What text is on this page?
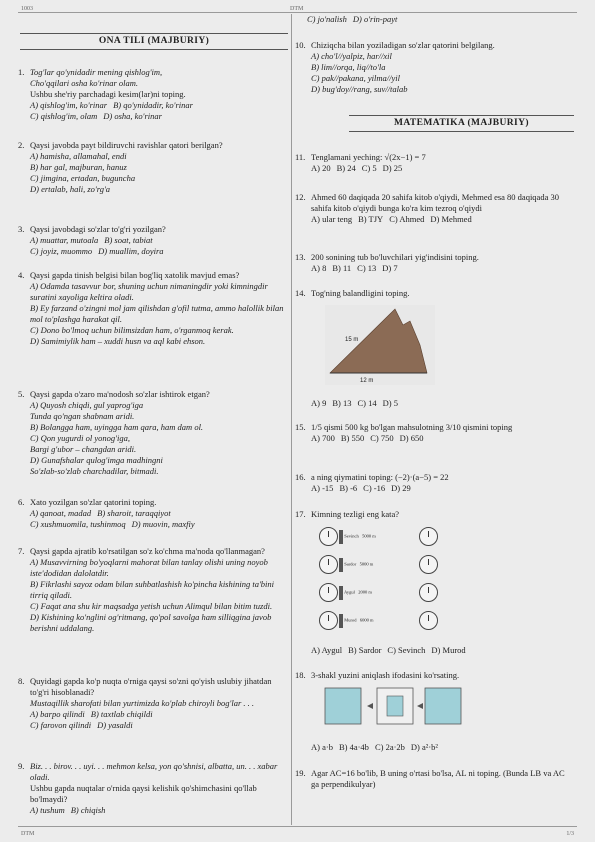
1003	DTM
ONA TILI (MAJBURIY)
1. Tog'lar qo'ynidadir mening qishlog'im,
Cho'qqilari osha ko'rinar olam.
Ushbu she'riy parchadagi kesim(lar)ni toping.
A) qishlog'im, ko'rinar B) qo'ynidadir, ko'rinar
C) qishlog'im, olam D) osha, ko'rinar
2. Qaysi javobda payt bildiruvchi ravishlar qatori berilgan?
A) hamisha, allamahal, endi
B) har gal, majburan, hanuz
C) jimgina, ertadan, buguncha
D) ertalab, hali, zo'rg'a
3. Qaysi javobdagi so'zlar to'g'ri yozilgan?
A) muattar, mutoala B) soat, tabiat
C) joyiz, muommo D) muallim, doyira
4. Qaysi gapda tinish belgisi bilan bog'liq xatolik mavjud emas?
A) Odamda tasavvur bor, shuning uchun nimaningdir yoki kimningdir suratini xayoliga keltira oladi.
B) Ey farzand o'zingni mol jam qilishdan g'ofil tutma, ammo halollik bilan mol to'plashga harakat qil.
C) Dono bo'lmoq uchun bilimsizdan ham, o'rganmoq kerak.
D) Samimiylik ham – xuddi husn va aql kabi ehson.
5. Qaysi gapda o'zaro ma'nodosh so'zlar ishtirok etgan?
A) Quyosh chiqdi, gul yaprog'iga
Tunda qo'ngan shabnam aridi.
B) Bolangga ham, uyingga ham qara, ham dam ol.
C) Qon yugurdi ol yonog'iga,
Bargi g'ubor – changdan aridi.
D) Gunafshalar qulog'imga madhingni
So'zlab-so'zlab charchadilar, bitmadi.
6. Xato yozilgan so'zlar qatorini toping.
A) qanoat, madad B) sharoit, taraqqiyot
C) xushmuomila, tushinmoq D) muovin, maxfiy
7. Qaysi gapda ajratib ko'rsatilgan so'z ko'chma ma'noda qo'llanmagan?
A) Musavvirning bo'yoqlarni mahorat bilan tanlay olishi uning noyob iste'dodidan dalolatdir.
B) Fikrlashi sayoz odam bilan suhbatlashish ko'pincha kishining ta'bini tirriq qiladi.
C) Faqat ana shu kir maqsadga yetish uchun Alimqul bilan bitim tuzdi.
D) Kishining ko'nglini og'ritmang, qo'pol savolga ham silliqgina javob berishni uddalang.
8. Quyidagi gapda ko'p nuqta o'rniga qaysi so'zni qo'yish uslubiy jihatdan to'g'ri hisoblanadi?
Mustaqillik sharofati bilan yurtimizda ko'plab chiroyli bog'lar . . .
A) barpo qilindi B) taxtlab chiqildi
C) farovon qilindi D) yasaldi
9. Biz. . . birov. . . uyi. . . mehmon kelsa, yon qo'shnisi, albatta, un. . . xabar oladi.
Ushbu gapda nuqtalar o'rnida qaysi kelishik qo'shimchasini qo'llab bo'lmaydi?
A) tushum B) chiqish
C) jo'nalish D) o'rin-payt
10. Chiziqcha bilan yoziladigan so'zlar qatorini belgilang.
A) cho'l//yalpiz, har//xil
B) lim//orqa, liq//to'la
C) pak//pakana, yilma//yil
D) bug'doy//rang, suv//talab
MATEMATIKA (MAJBURIY)
11. Tenglamani yeching: √(2x−1) = 7
A) 20 B) 24 C) 5 D) 25
12. Ahmed 60 daqiqada 20 sahifa kitob o'qiydi, Mehmed esa 80 daqiqada 30 sahifa kitob o'qiydi bunga ko'ra kim tezroq o'qiydi
A) ular teng B) TJY C) Ahmed D) Mehmed
13. 200 sonining tub bo'luvchilari yig'indisini toping.
A) 8 B) 11 C) 13 D) 7
14. Tog'ning balandligini toping.
15 m
12 m
A) 9 B) 13 C) 14 D) 5
15. 1/5 qismi 500 kg bo'lgan mahsulotning 3/10 qismini toping
A) 700 B) 550 C) 750 D) 650
16. a ning qiymatini toping: (−2)·(a−5) = 22
A) -15 B) -6 C) -16 D) 29
17. Kimning tezligi eng kata?
Sevinch 5000 m
Sardor 5000 m
Aygul 2000 m
Murod 6000 m
A) Aygul B) Sardor C) Sevinch D) Murod
18. 3-shakl yuzini aniqlash ifodasini ko'rsating.
A) a·b B) 4a·4b C) 2a·2b D) a²·b²
19. Agar AC=16 bo'lib, B uning o'rtasi bo'lsa, AL ni toping. (Bunda LB va AC ga perpendikulyar)
DTM	1/3
